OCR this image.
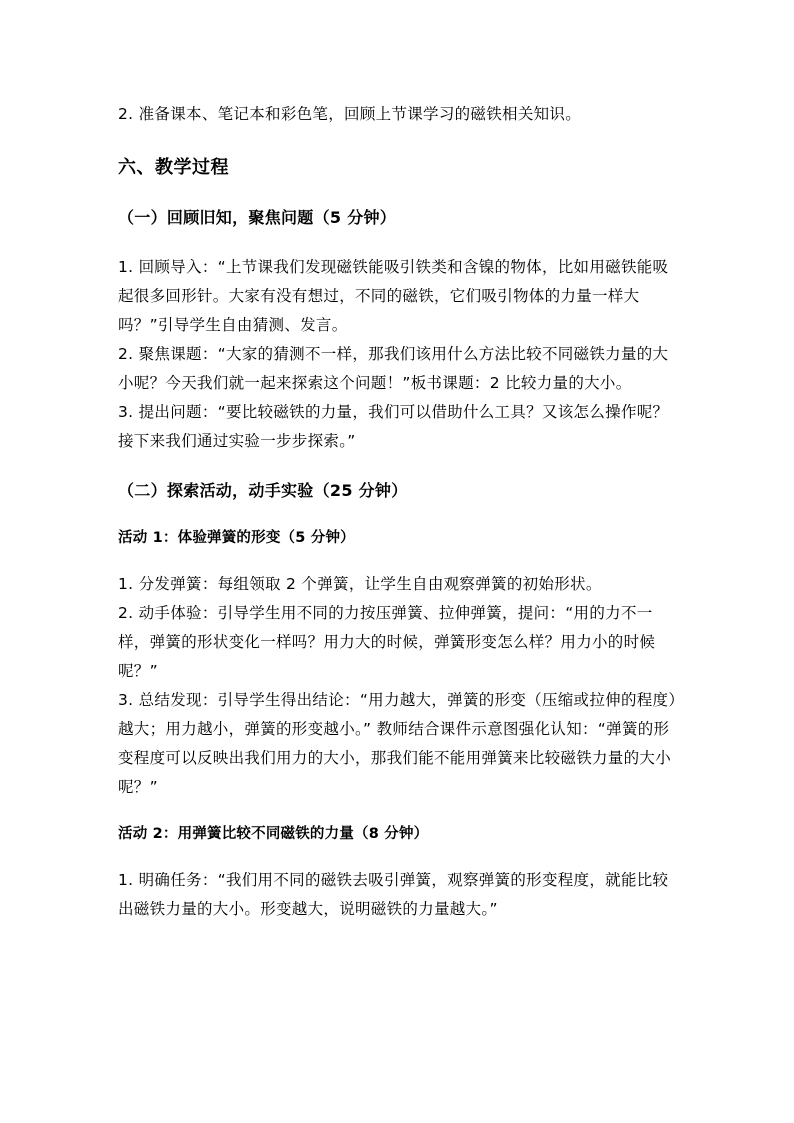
2. 准备课本、笔记本和彩色笔，回顾上节课学习的磁铁相关知识。

六、教学过程

（一）回顾旧知，聚焦问题（5 分钟）

1. 回顾导入：“上节课我们发现磁铁能吸引铁类和含镍的物体，比如用磁铁能吸起很多回形针。大家有没有想过，不同的磁铁，它们吸引物体的力量一样大吗？”引导学生自由猜测、发言。

2. 聚焦课题：“大家的猜测不一样，那我们该用什么方法比较不同磁铁力量的大小呢？今天我们就一起来探索这个问题！”板书课题：2 比较力量的大小。

3. 提出问题：“要比较磁铁的力量，我们可以借助什么工具？又该怎么操作呢？接下来我们通过实验一步步探索。”

（二）探索活动，动手实验（25 分钟）

活动 1：体验弹簧的形变（5 分钟）

1. 分发弹簧：每组领取 2 个弹簧，让学生自由观察弹簧的初始形状。

2. 动手体验：引导学生用不同的力按压弹簧、拉伸弹簧，提问：“用的力不一样，弹簧的形状变化一样吗？用力大的时候，弹簧形变怎么样？用力小的时候呢？”

3. 总结发现：引导学生得出结论：“用力越大，弹簧的形变（压缩或拉伸的程度）越大；用力越小，弹簧的形变越小。” 教师结合课件示意图强化认知：“弹簧的形变程度可以反映出我们用力的大小，那我们能不能用弹簧来比较磁铁力量的大小呢？”

活动 2：用弹簧比较不同磁铁的力量（8 分钟）

1. 明确任务：“我们用不同的磁铁去吸引弹簧，观察弹簧的形变程度，就能比较出磁铁力量的大小。形变越大，说明磁铁的力量越大。”
